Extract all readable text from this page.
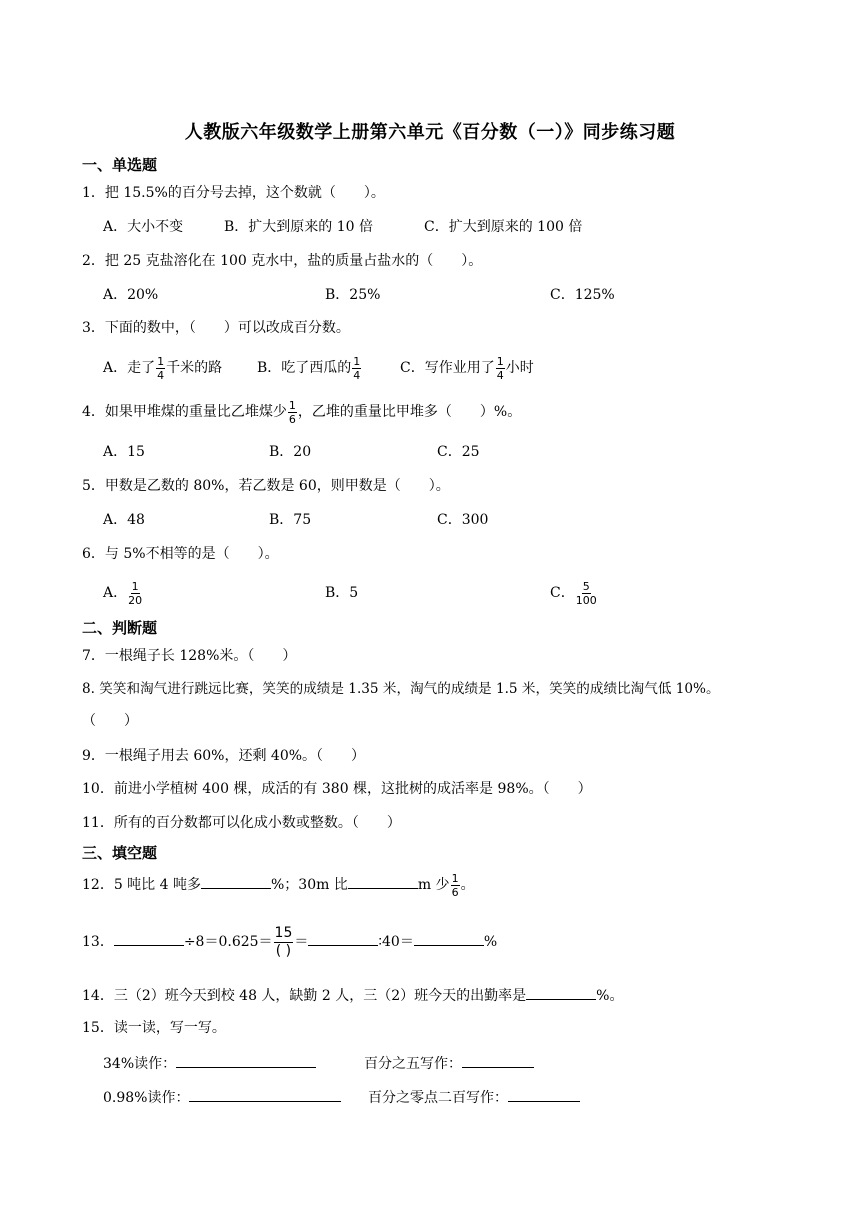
人教版六年级数学上册第六单元《百分数（一）》同步练习题
一、单选题
1．把 15.5%的百分号去掉，这个数就（　　）。
A．大小不变	B．扩大到原来的 10 倍	C．扩大到原来的 100 倍
2．把 25 克盐溶化在 100 克水中，盐的质量占盐水的（　　）。
A．20%	B．25%	C．125%
3．下面的数中，（　　）可以改成百分数。
A．走了 $\frac{1}{4}$ 千米的路 B．吃了西瓜的 $\frac{1}{4}$	C．写作业用了 $\frac{1}{4}$ 小时
4．如果甲堆煤的重量比乙堆煤少 $\frac{1}{6}$ ，乙堆的重量比甲堆多（　　）%。
A．15	B．20	C．25
5．甲数是乙数的 80%，若乙数是 60，则甲数是（　　）。
A．48	B．75	C．300
6．与 5%不相等的是（　　）。
A． $\frac{1}{20}$	B．5	C． $\frac{5}{100}$
二、判断题
7．一根绳子长 128%米。（　　）
8. 笑笑和淘气进行跳远比赛，笑笑的成绩是 1.35 米，淘气的成绩是 1.5 米，笑笑的成绩比淘气低 10%。
（　　）
9．一根绳子用去 60%，还剩 40%。（　　）
10．前进小学植树 400 棵，成活的有 380 棵，这批树的成活率是 98%。（　　）
11．所有的百分数都可以化成小数或整数。（　　）
三、填空题
12．5 吨比 4 吨多	%；30m 比	m 少 $\frac{1}{6}$ 。
13．	$\div 8=0.625= \frac{15}{( )}$ ＝	∶40＝	%
14．三（2）班今天到校 48 人，缺勤 2 人，三（2）班今天的出勤率是	%。
15．读一读，写一写。
34%读作：	百分之五写作：
0.98%读作：	百分之零点二百写作：
